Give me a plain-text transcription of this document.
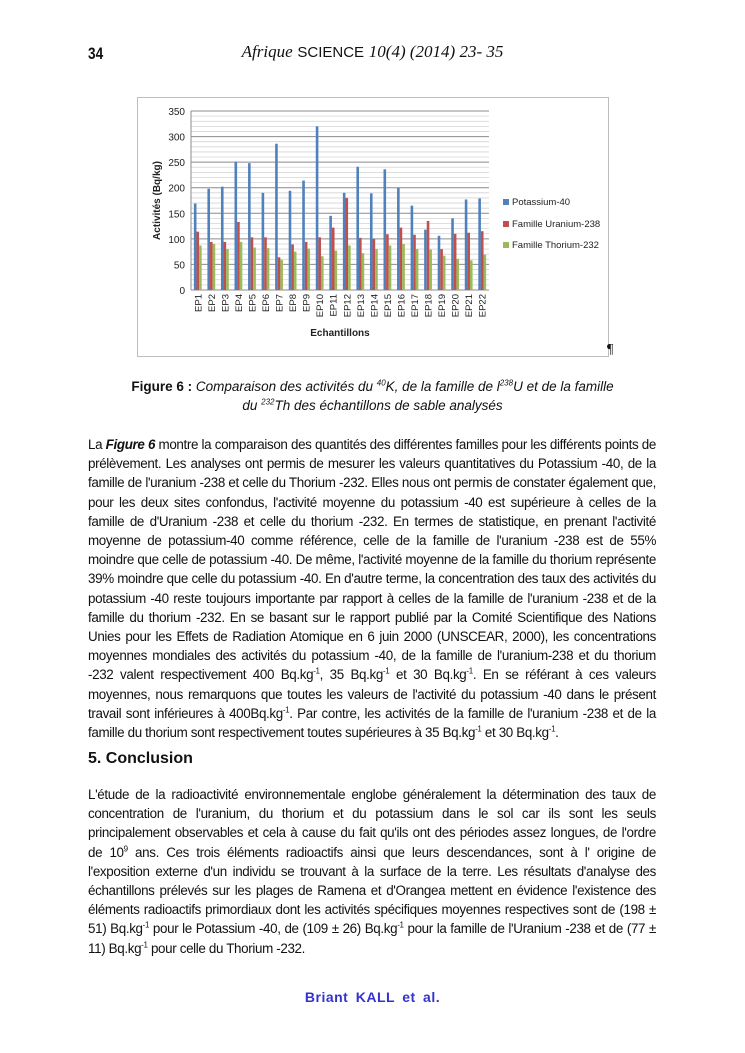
34	Afrique SCIENCE 10(4) (2014) 23- 35
0
50
100
150
200
250
300
350
Activités (Bq/kg)
EP1 EP2 EP3 EP4 EP5 EP6 EP7 EP8 EP9 EP10 EP11 EP12 EP13 EP14 EP15 EP16 EP17 EP18 EP19 EP20 EP21 EP22
Echantillons
Potassium-40
Famille Uranium-238
Famille Thorium-232
¶
Figure 6 : Comparaison des activités du $^{40}$K, de la famille de $l^{238}U$ et de la famille
du $^{232}$Th des échantillons de sable analysés
La Figure 6 montre la comparaison des quantités des différentes familles pour les différents points de prélèvement. Les analyses ont permis de mesurer les valeurs quantitatives du Potassium -40, de la famille de l'uranium -238 et celle du Thorium -232. Elles nous ont permis de constater également que, pour les deux sites confondus, l'activité moyenne du potassium -40 est supérieure à celles de la famille de d'Uranium -238 et celle du thorium -232. En termes de statistique, en prenant l'activité moyenne de potassium-40 comme référence, celle de la famille de l'uranium -238 est de 55% moindre que celle de potassium -40. De même, l'activité moyenne de la famille du thorium représente 39% moindre que celle du potassium -40. En d'autre terme, la concentration des taux des activités du potassium -40 reste toujours importante par rapport à celles de la famille de l'uranium -238 et de la famille du thorium -232. En se basant sur le rapport publié par la Comité Scientifique des Nations Unies pour les Effets de Radiation Atomique en 6 juin 2000 (UNSCEAR, 2000), les concentrations moyennes mondiales des activités du potassium -40, de la famille de l'uranium-238 et du thorium -232 valent respectivement 400 $Bq.kg^{-1}$, 35 $Bq.kg^{-1}$ et 30 $Bq.kg^{-1}$. En se référant à ces valeurs moyennes, nous remarquons que toutes les valeurs de l'activité du potassium -40 dans le présent travail sont inférieures à $400Bq.kg^{-1}$. Par contre, les activités de la famille de l'uranium -238 et de la famille du thorium sont respectivement toutes supérieures à 35 $Bq.kg^{-1}$ et 30 $Bq.kg^{-1}$.
5. Conclusion
L'étude de la radioactivité environnementale englobe généralement la détermination des taux de concentration de l'uranium, du thorium et du potassium dans le sol car ils sont les seuls principalement observables et cela à cause du fait qu'ils ont des périodes assez longues, de l'ordre de $10^9$ ans. Ces trois éléments radioactifs ainsi que leurs descendances, sont à l' origine de l'exposition externe d'un individu se trouvant à la surface de la terre. Les résultats d'analyse des échantillons prélevés sur les plages de Ramena et d'Orangea mettent en évidence l'existence des éléments radioactifs primordiaux dont les activités spécifiques moyennes respectives sont de (198 ± 51) $Bq.kg^{-1}$ pour le Potassium -40, de (109 ± 26) $Bq.kg^{-1}$ pour la famille de l'Uranium -238 et de (77 ± 11) $Bq.kg^{-1}$ pour celle du Thorium -232.
Briant KALL et al.
